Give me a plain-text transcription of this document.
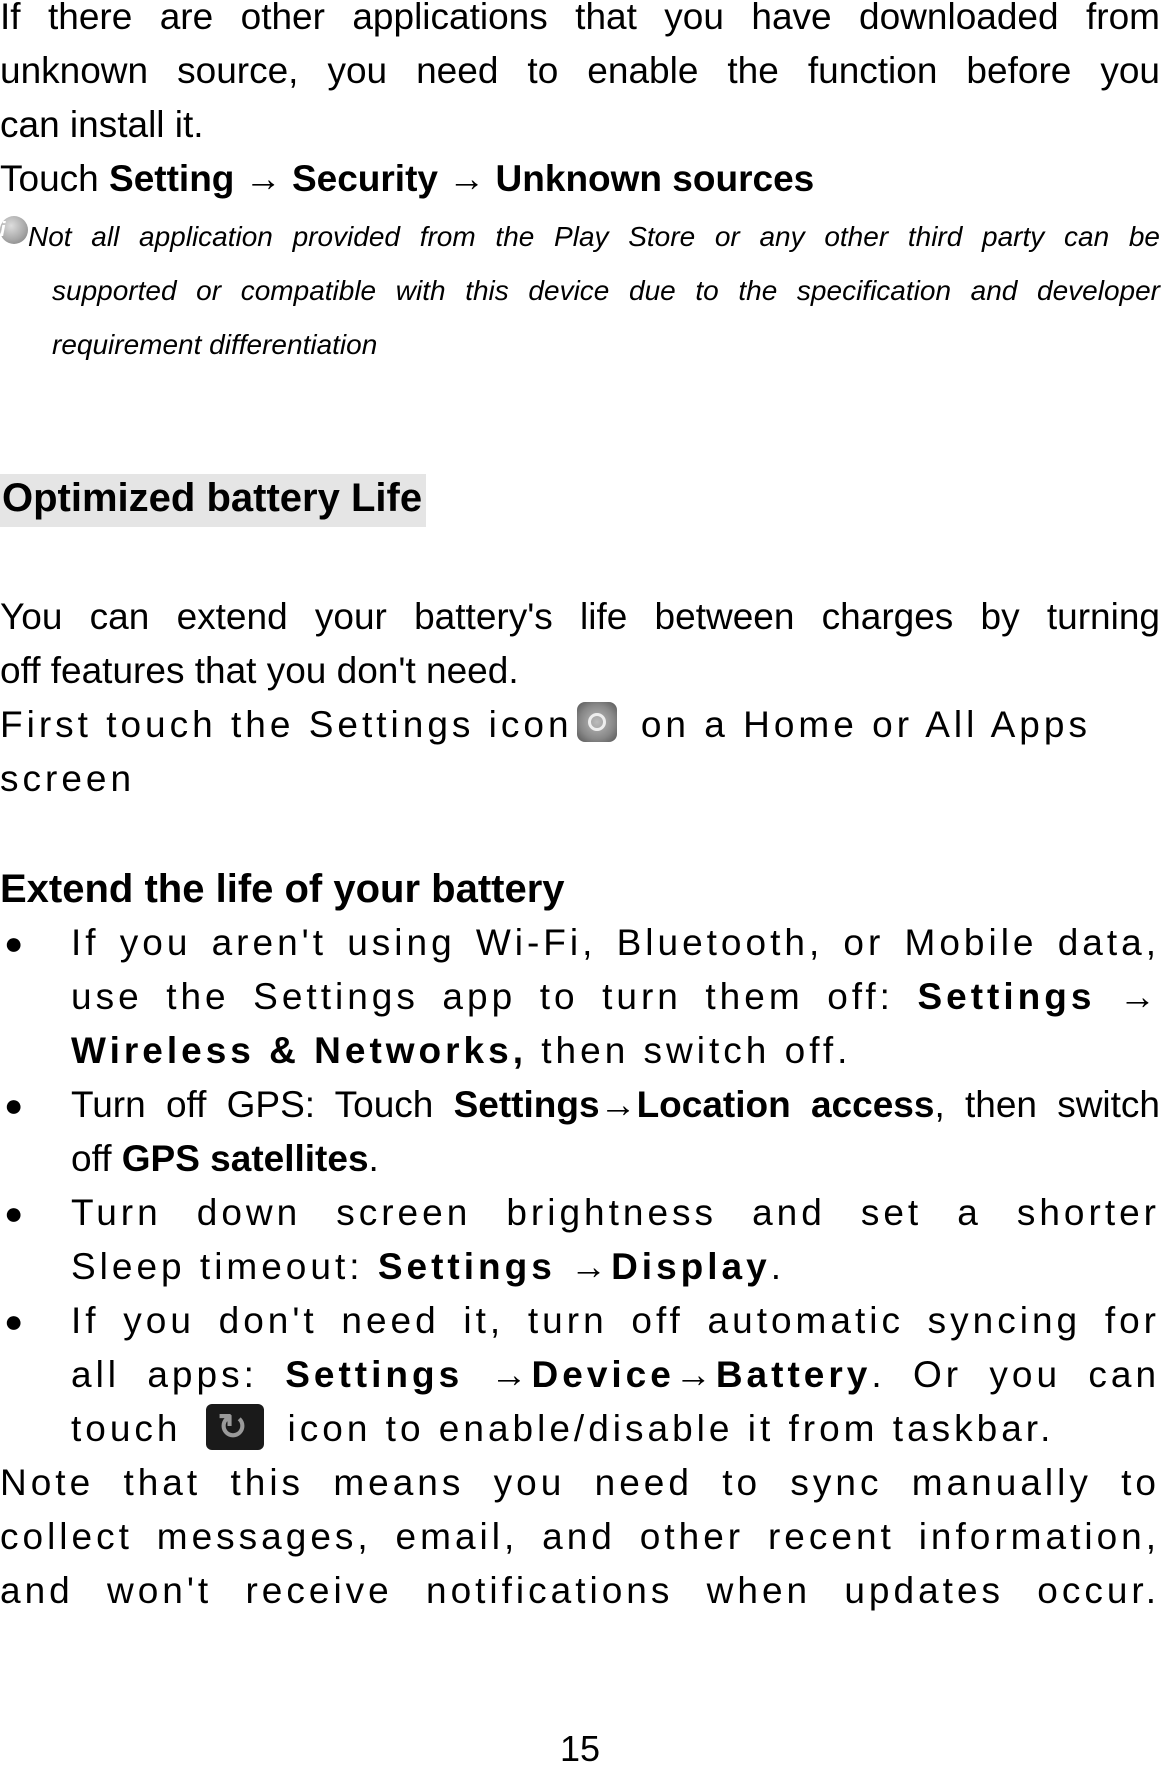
If there are other applications that you have downloaded from
unknown source, you need to enable the function before you
can install it.
Touch Setting → Security → Unknown sources
i Not all application provided from the Play Store or any other third party can be
supported or compatible with this device due to the specification and developer
requirement differentiation
Optimized battery Life
You can extend your battery's life between charges by turning
off features that you don't need.
First touch the Settings icon on a Home or All Apps
screen
Extend the life of your battery
● If you aren't using Wi-Fi, Bluetooth, or Mobile data,
use the Settings app to turn them off: Settings →
Wireless & Networks, then switch off.
● Turn off GPS: Touch Settings→Location access, then switch
off GPS satellites.
● Turn down screen brightness and set a shorter
Sleep timeout: Settings →Display.
● If you don't need it, turn off automatic syncing for
all apps: Settings →Device→Battery. Or you can
touch↻	icon to enable/disable it from taskbar.
Note that this means you need to sync manually to
collect messages, email, and other recent information,
and won't receive notifications when updates occur.
15
